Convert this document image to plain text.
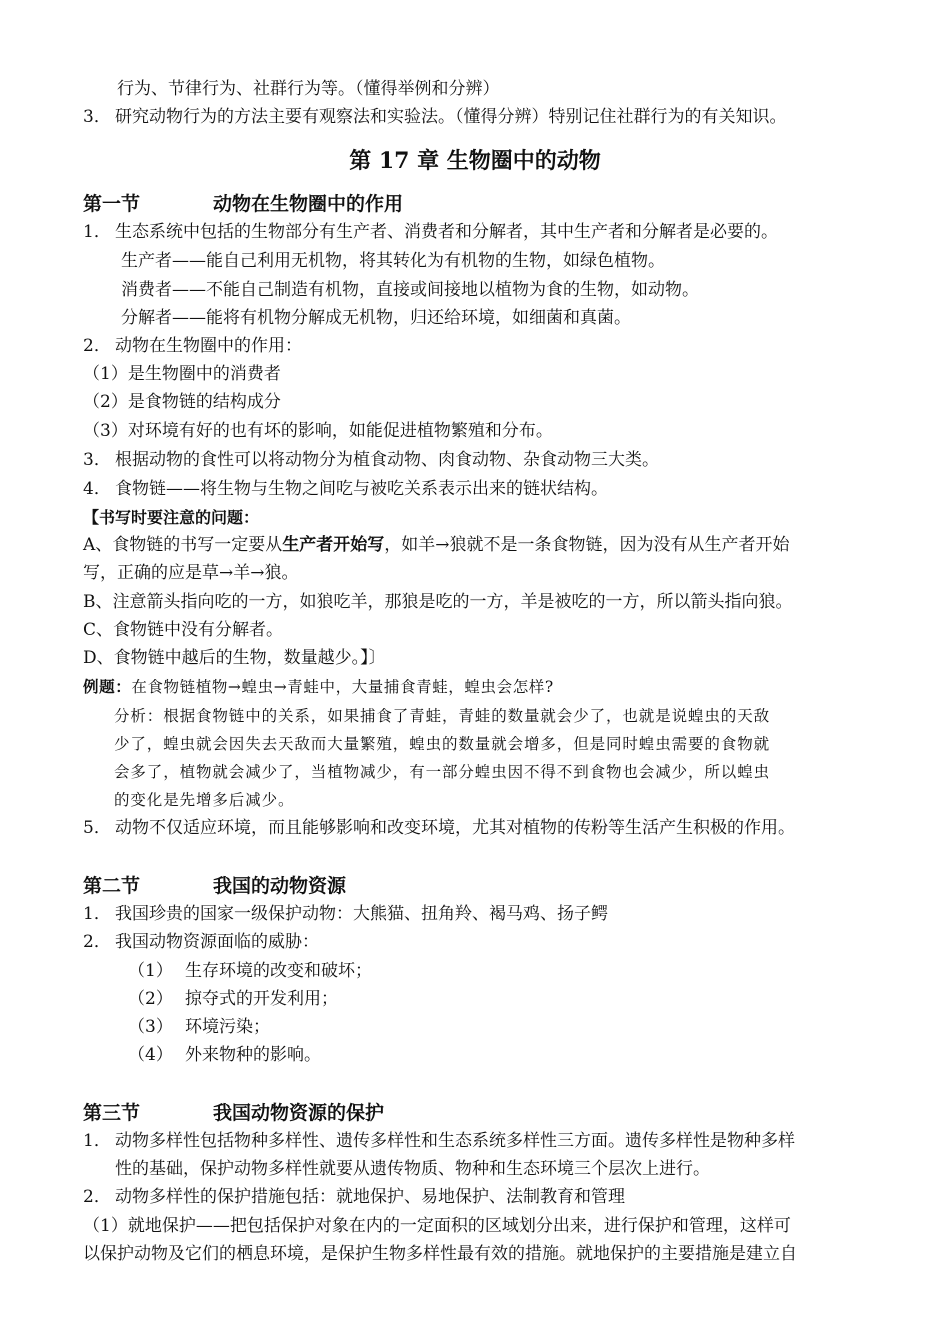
行为、节律行为、社群行为等。（懂得举例和分辨）
3． 研究动物行为的方法主要有观察法和实验法。（懂得分辨）特别记住社群行为的有关知识。
第 17 章 生物圈中的动物
第一节	动物在生物圈中的作用
1． 生态系统中包括的生物部分有生产者、消费者和分解者，其中生产者和分解者是必要的。
生产者——能自己利用无机物，将其转化为有机物的生物，如绿色植物。
消费者——不能自己制造有机物，直接或间接地以植物为食的生物，如动物。
分解者——能将有机物分解成无机物，归还给环境，如细菌和真菌。
2． 动物在生物圈中的作用：
（1）是生物圈中的消费者
（2）是食物链的结构成分
（3）对环境有好的也有坏的影响，如能促进植物繁殖和分布。
3． 根据动物的食性可以将动物分为植食动物、肉食动物、杂食动物三大类。
4． 食物链——将生物与生物之间吃与被吃关系表示出来的链状结构。
【书写时要注意的问题：
A、食物链的书写一定要从生产者开始写，如羊→狼就不是一条食物链，因为没有从生产者开始
写，正确的应是草→羊→狼。
B、注意箭头指向吃的一方，如狼吃羊，那狼是吃的一方，羊是被吃的一方，所以箭头指向狼。
C、食物链中没有分解者。
D、食物链中越后的生物，数量越少。】〕
例题：在食物链植物→蝗虫→青蛙中，大量捕食青蛙，蝗虫会怎样?
分析：根据食物链中的关系，如果捕食了青蛙，青蛙的数量就会少了，也就是说蝗虫的天敌
少了，蝗虫就会因失去天敌而大量繁殖，蝗虫的数量就会增多，但是同时蝗虫需要的食物就
会多了，植物就会减少了，当植物减少，有一部分蝗虫因不得不到食物也会减少，所以蝗虫
的变化是先增多后减少。
5． 动物不仅适应环境，而且能够影响和改变环境，尤其对植物的传粉等生活产生积极的作用。
第二节	我国的动物资源
1． 我国珍贵的国家一级保护动物：大熊猫、扭角羚、褐马鸡、扬子鳄
2． 我国动物资源面临的威胁：
（1） 生存环境的改变和破坏；
（2） 掠夺式的开发利用；
（3） 环境污染；
（4） 外来物种的影响。
第三节	我国动物资源的保护
1． 动物多样性包括物种多样性、遗传多样性和生态系统多样性三方面。遗传多样性是物种多样
性的基础，保护动物多样性就要从遗传物质、物种和生态环境三个层次上进行。
2． 动物多样性的保护措施包括：就地保护、易地保护、法制教育和管理
（1）就地保护——把包括保护对象在内的一定面积的区域划分出来，进行保护和管理，这样可
以保护动物及它们的栖息环境，是保护生物多样性最有效的措施。就地保护的主要措施是建立自
